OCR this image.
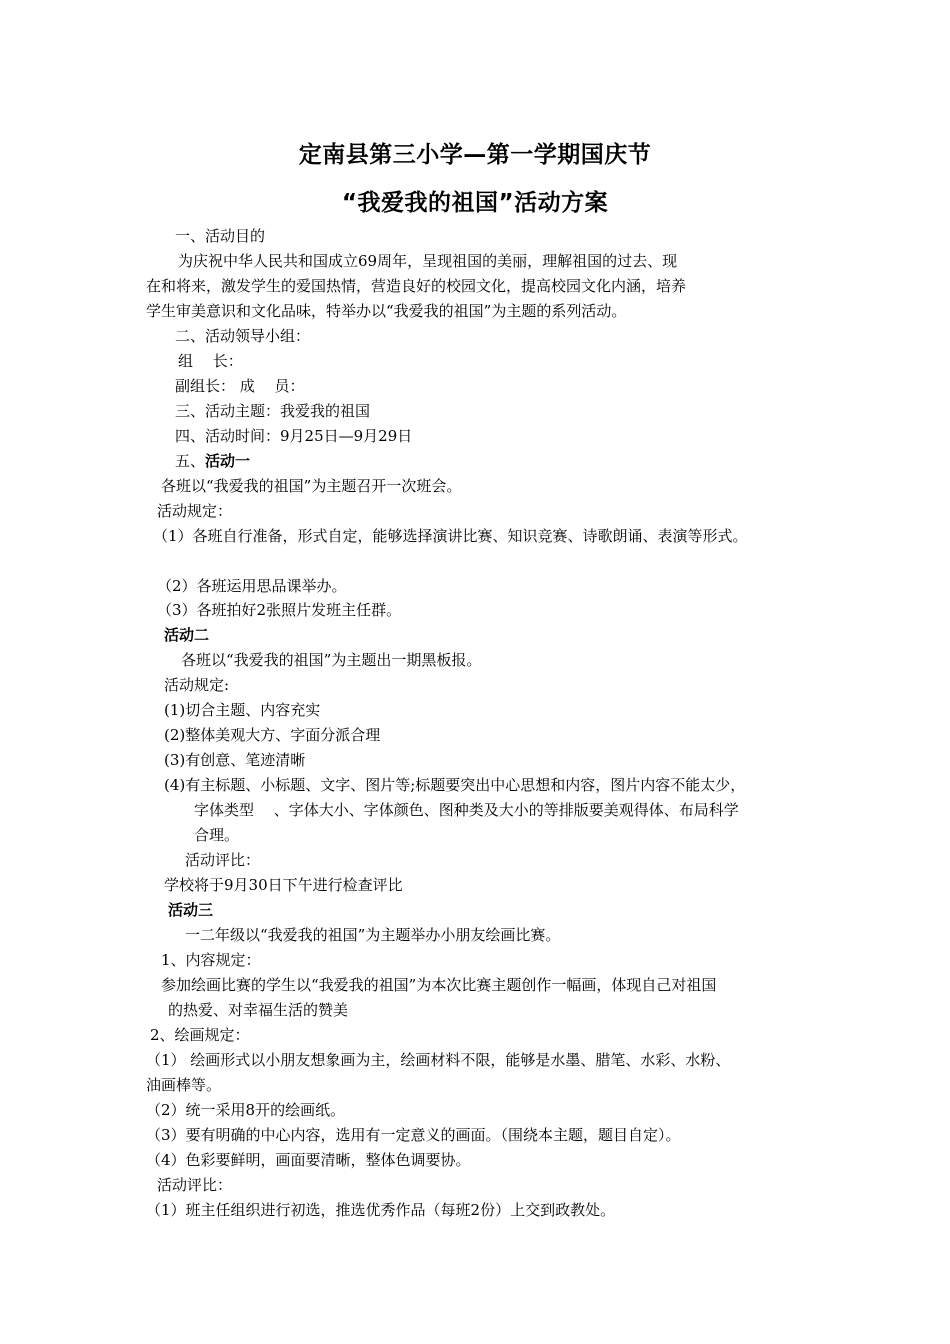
定南县第三小学—第一学期国庆节
“我爱我的祖国”活动方案
一、活动目的
为庆祝中华人民共和国成立69周年，呈现祖国的美丽，理解祖国的过去、现
在和将来，激发学生的爱国热情，营造良好的校园文化，提高校园文化内涵，培养
学生审美意识和文化品味，特举办以“我爱我的祖国”为主题的系列活动。
二、活动领导小组：
组　 长：
副组长： 成　 员：
三、活动主题：我爱我的祖国
四、活动时间：9月25日—9月29日
五、活动一
各班以“我爱我的祖国”为主题召开一次班会。
活动规定：
（1）各班自行准备，形式自定，能够选择演讲比赛、知识竞赛、诗歌朗诵、表演等形式。
（2）各班运用思品课举办。
（3）各班拍好2张照片发班主任群。
活动二
各班以“我爱我的祖国”为主题出一期黑板报。
活动规定:
(1)切合主题、内容充实
(2)整体美观大方、字面分派合理
(3)有创意、笔迹清晰
(4)有主标题、小标题、文字、图片等;标题要突出中心思想和内容，图片内容不能太少，
字体类型　 、字体大小、字体颜色、图种类及大小的等排版要美观得体、布局科学
合理。
活动评比：
学校将于9月30日下午进行检查评比
活动三
一二年级以“我爱我的祖国”为主题举办小朋友绘画比赛。
1、内容规定：
参加绘画比赛的学生以“我爱我的祖国”为本次比赛主题创作一幅画，体现自己对祖国
的热爱、对幸福生活的赞美
2、绘画规定：
（1） 绘画形式以小朋友想象画为主，绘画材料不限，能够是水墨、腊笔、水彩、水粉、
油画棒等。
（2）统一采用8开的绘画纸。
（3）要有明确的中心内容，选用有一定意义的画面。（围绕本主题，题目自定）。
（4）色彩要鲜明，画面要清晰，整体色调要协。
活动评比：
（1）班主任组织进行初选，推选优秀作品（每班2份）上交到政教处。
